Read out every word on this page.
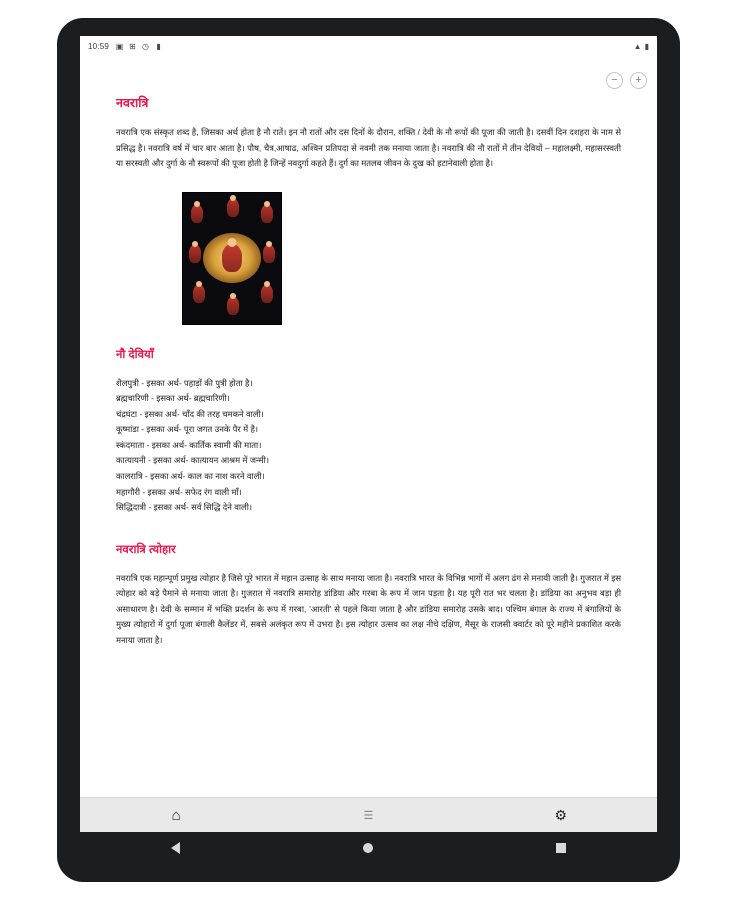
10:59 ▣ ⊞ ◷ ▮	▲ ▮
−	+
नवरात्रि

नवरात्रि एक संस्कृत शब्द है, जिसका अर्थ होता है नौ रातें। इन नौ रातों और दस दिनों के दौरान, शक्ति / देवी के नौ रूपों की पूजा की जाती है। दसवीं दिन दशहरा के नाम से प्रसिद्ध है। नवरात्रि वर्ष में चार बार आता है। पौष, चैत्र,आषाढ, अश्विन प्रतिपदा से नवमी तक मनाया जाता है। नवरात्रि की नौ रातों में तीन देवियों – महालक्ष्मी, महासरस्वती या सरस्वती और दुर्गा के नौ स्वरूपों की पूजा होती है जिन्हें नवदुर्गा कहते हैं। दुर्ग का मतलब जीवन के दुख को हटानेवाली होता है।

नौ देवियाँ
शैलपुत्री - इसका अर्थ- पहाड़ों की पुत्री होता है।
ब्रह्मचारिणी - इसका अर्थ- ब्रह्मचारिणी।
चंद्रघंटा - इसका अर्थ- चाँद की तरह चमकने वाली।
कूष्मांडा - इसका अर्थ- पूरा जगत उनके पैर में है।
स्कंदमाता - इसका अर्थ- कार्तिक स्वामी की माता।
कात्यायनी - इसका अर्थ- कात्यायन आश्रम में जन्मी।
कालरात्रि - इसका अर्थ- काल का नाश करने वाली।
महागौरी - इसका अर्थ- सफेद रंग वाली माँ।
सिद्धिदात्री - इसका अर्थ- सर्व सिद्धि देने वाली।
नवरात्रि त्योहार

नवरात्रि एक महान्पूर्ण प्रमुख त्योहार है जिसे पूरे भारत में महान उत्साह के साथ मनाया जाता है। नवरात्रि भारत के विभिन्न भागों में अलग ढंग से मनायी जाती है। गुजरात में इस त्योहार को बड़े पैमाने से मनाया जाता है। गुजरात में नवरात्रि समारोह डांडिया और गरबा के रूप में जान पड़ता है। यह पूरी रात भर चलता है। डांडिया का अनुभव बड़ा ही असाधारण है। देवी के सम्मान में भक्ति प्रदर्शन के रूप में गरबा, 'आरती' से पहले किया जाता है और डांडिया समारोह उसके बाद। पश्चिम बंगाल के राज्य में बंगालियों के मुख्य त्योहारों में दुर्गा पूजा बंगाली कैलेंडर में, सबसे अलंकृत रूप में उभरा है। इस त्योहार उत्सव का लक्ष नीचे दक्षिण, मैसूर के राजसी क्वार्टर को पूरे महीने प्रकाशित करके मनाया जाता है।

⌂	☰	⚙
